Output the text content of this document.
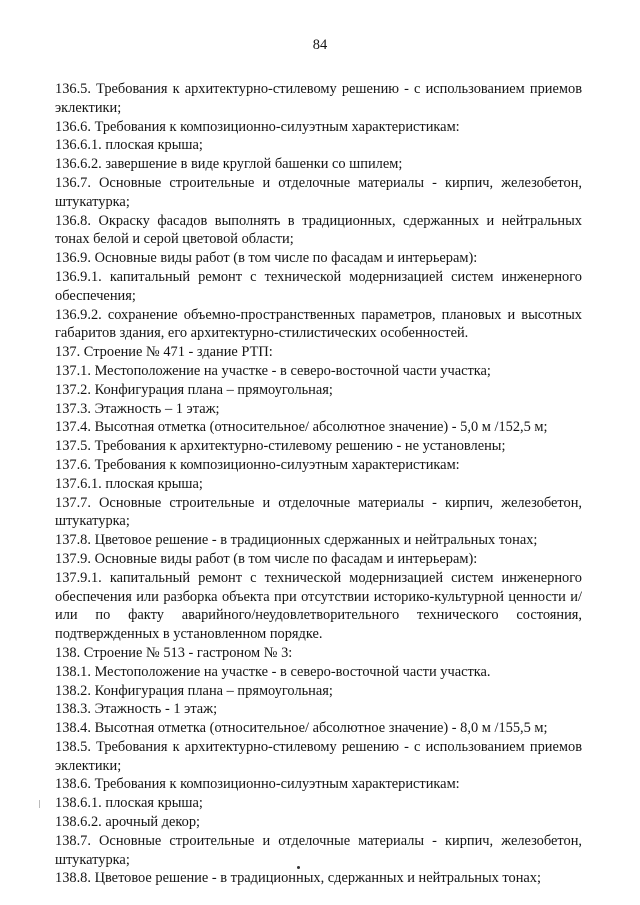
84
136.5. Требования к архитектурно-стилевому решению - с использованием приемов эклектики;
136.6. Требования к композиционно-силуэтным характеристикам:
136.6.1. плоская крыша;
136.6.2. завершение в виде круглой башенки со шпилем;
136.7. Основные строительные и отделочные материалы - кирпич, железобетон, штукатурка;
136.8. Окраску фасадов выполнять в традиционных, сдержанных и нейтральных тонах белой и серой цветовой области;
136.9. Основные виды работ (в том числе по фасадам и интерьерам):
136.9.1. капитальный ремонт с технической модернизацией систем инженерного обеспечения;
136.9.2. сохранение объемно-пространственных параметров, плановых и высотных габаритов здания, его архитектурно-стилистических особенностей.
137. Строение № 471 - здание РТП:
137.1. Местоположение на участке - в северо-восточной части участка;
137.2. Конфигурация плана – прямоугольная;
137.3. Этажность – 1 этаж;
137.4. Высотная отметка (относительное/ абсолютное значение) - 5,0 м /152,5 м;
137.5. Требования к архитектурно-стилевому решению - не установлены;
137.6. Требования к композиционно-силуэтным характеристикам:
137.6.1. плоская крыша;
137.7. Основные строительные и отделочные материалы - кирпич, железобетон, штукатурка;
137.8. Цветовое решение - в традиционных сдержанных и нейтральных тонах;
137.9. Основные виды работ (в том числе по фасадам и интерьерам):
137.9.1. капитальный ремонт с технической модернизацией систем инженерного обеспечения или разборка объекта при отсутствии историко-культурной ценности и/или по факту аварийного/неудовлетворительного технического состояния, подтвержденных в установленном порядке.
138. Строение № 513 - гастроном № 3:
138.1. Местоположение на участке - в северо-восточной части участка.
138.2. Конфигурация плана – прямоугольная;
138.3. Этажность - 1 этаж;
138.4. Высотная отметка (относительное/ абсолютное значение) - 8,0 м /155,5 м;
138.5. Требования к архитектурно-стилевому решению - с использованием приемов эклектики;
138.6. Требования к композиционно-силуэтным характеристикам:
138.6.1. плоская крыша;
138.6.2. арочный декор;
138.7. Основные строительные и отделочные материалы - кирпич, железобетон, штукатурка;
138.8. Цветовое решение - в традиционных, сдержанных и нейтральных тонах;
